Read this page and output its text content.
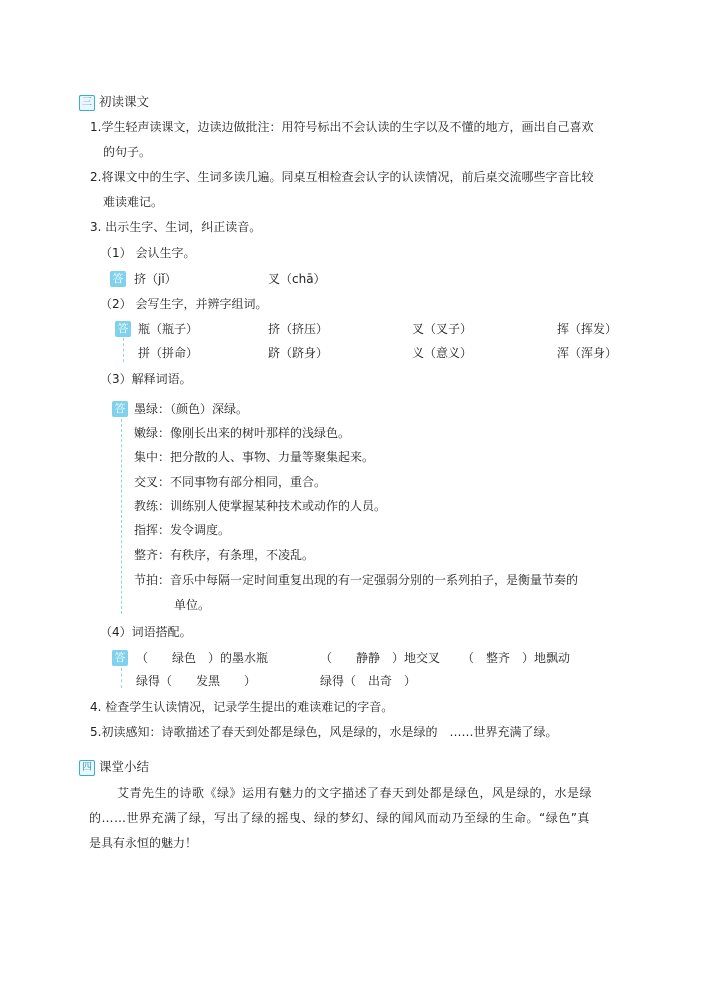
三 初读课文
1.学生轻声读课文，边读边做批注：用符号标出不会认读的生字以及不懂的地方，画出自己喜欢
的句子。
2.将课文中的生字、生词多读几遍。同桌互相检查会认字的认读情况，前后桌交流哪些字音比较
难读难记。
3. 出示生字、生词，纠正读音。
（1） 会认生字。
答 挤（jǐ）	叉（chā）
（2） 会写生字，并辨字组词。
答 瓶（瓶子）	挤（挤压）	叉（叉子）	挥（挥发）
拼（拼命）	跻（跻身）	义（意义）	浑（浑身）
（3）解释词语。
答 墨绿：（颜色）深绿。
嫩绿：像刚长出来的树叶那样的浅绿色。
集中：把分散的人、事物、力量等聚集起来。
交叉：不同事物有部分相同，重合。
教练：训练别人使掌握某种技术或动作的人员。
指挥：发令调度。
整齐：有秩序，有条理，不凌乱。
节拍：音乐中每隔一定时间重复出现的有一定强弱分别的一系列拍子，是衡量节奏的
单位。
（4）词语搭配。
答 （　　绿色　）的墨水瓶	（　　静静　）地交叉 （　整齐　）地飘动
绿得（　　发黑　　）	绿得（　出奇　）
4. 检查学生认读情况，记录学生提出的难读难记的字音。
5.初读感知：诗歌描述了春天到处都是绿色，风是绿的，水是绿的　……世界充满了绿。
四 课堂小结
艾青先生的诗歌《绿》运用有魅力的文字描述了春天到处都是绿色，风是绿的，水是绿
的……世界充满了绿，写出了绿的摇曳、绿的梦幻、绿的闻风而动乃至绿的生命。“绿色”真
是具有永恒的魅力！
